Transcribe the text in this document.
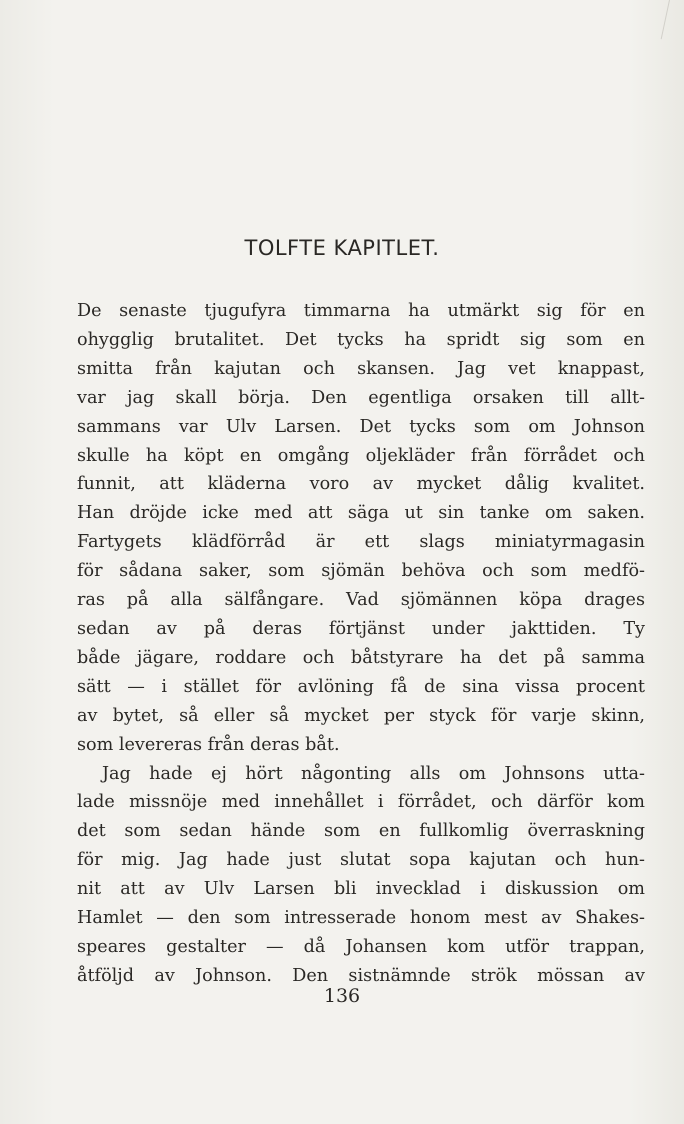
TOLFTE KAPITLET.
De senaste tjugufyra timmarna ha utmärkt sig för en
ohygglig brutalitet. Det tycks ha spridt sig som en
smitta från kajutan och skansen. Jag vet knappast,
var jag skall börja. Den egentliga orsaken till allt-
sammans var Ulv Larsen. Det tycks som om Johnson
skulle ha köpt en omgång oljekläder från förrådet och
funnit, att kläderna voro av mycket dålig kvalitet.
Han dröjde icke med att säga ut sin tanke om saken.
Fartygets klädförråd är ett slags miniatyrmagasin
för sådana saker, som sjömän behöva och som medfö-
ras på alla sälfångare. Vad sjömännen köpa drages
sedan av på deras förtjänst under jakttiden. Ty
både jägare, roddare och båtstyrare ha det på samma
sätt — i stället för avlöning få de sina vissa procent
av bytet, så eller så mycket per styck för varje skinn,
som levereras från deras båt.
Jag hade ej hört någonting alls om Johnsons utta-
lade missnöje med innehållet i förrådet, och därför kom
det som sedan hände som en fullkomlig överraskning
för mig. Jag hade just slutat sopa kajutan och hun-
nit att av Ulv Larsen bli invecklad i diskussion om
Hamlet — den som intresserade honom mest av Shakes-
speares gestalter — då Johansen kom utför trappan,
åtföljd av Johnson. Den sistnämnde strök mössan av
136
